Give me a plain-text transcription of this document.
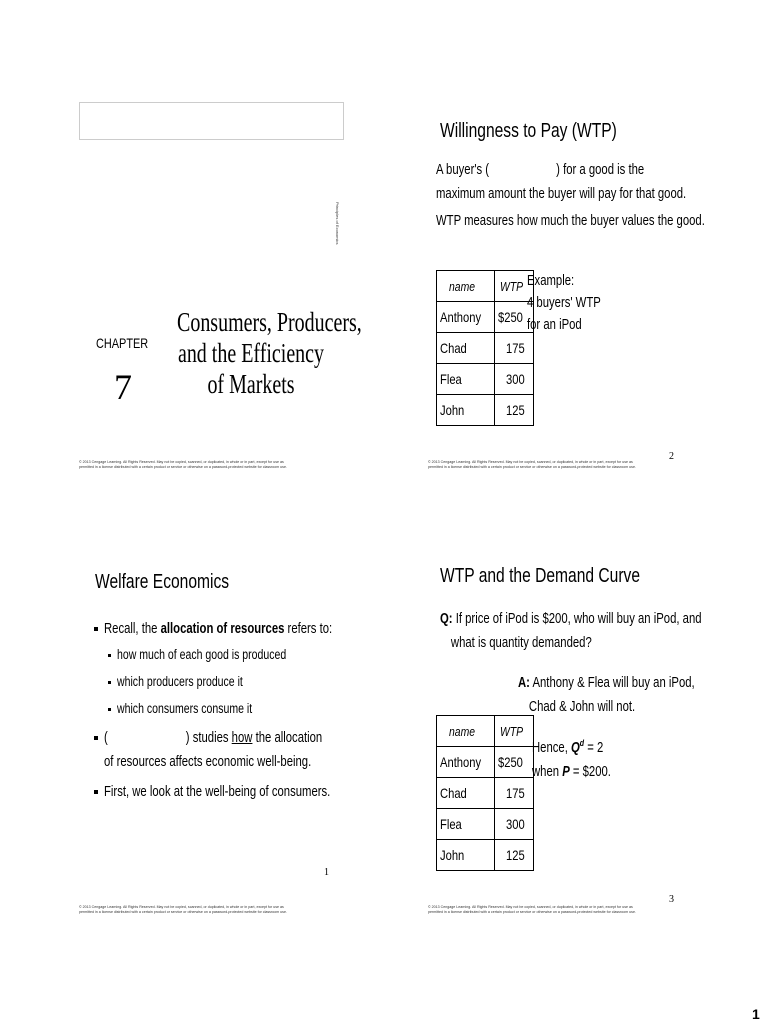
Principles of Economics
CHAPTER
7
Consumers, Producers,
and the Efficiency
of Markets
© 2013 Cengage Learning. All Rights Reserved. May not be copied, scanned, or duplicated, in whole or in part, except for use as
permitted in a license distributed with a certain product or service or otherwise on a password-protected website for classroom use.
Willingness to Pay (WTP)
A buyer's (	) for a good is the
maximum amount the buyer will pay for that good.
WTP measures how much the buyer values the good.
name	WTP
Anthony	$250
Chad	175
Flea	300
John	125
Example:
4 buyers' WTP
for an iPod
2
© 2013 Cengage Learning. All Rights Reserved. May not be copied, scanned, or duplicated, in whole or in part, except for use as
permitted in a license distributed with a certain product or service or otherwise on a password-protected website for classroom use.
Welfare Economics
Recall, the allocation of resources refers to:
how much of each good is produced
which producers produce it
which consumers consume it
(	) studies how the allocation
of resources affects economic well-being.
First, we look at the well-being of consumers.
1
© 2013 Cengage Learning. All Rights Reserved. May not be copied, scanned, or duplicated, in whole or in part, except for use as
permitted in a license distributed with a certain product or service or otherwise on a password-protected website for classroom use.
WTP and the Demand Curve
Q: If price of iPod is $200, who will buy an iPod, and
what is quantity demanded?
A: Anthony & Flea will buy an iPod,
Chad & John will not.
name	WTP
Anthony	$250
Chad	175
Flea	300
John	125
Hence, $Q^d = 2$
when P = $200.
3
© 2013 Cengage Learning. All Rights Reserved. May not be copied, scanned, or duplicated, in whole or in part, except for use as
permitted in a license distributed with a certain product or service or otherwise on a password-protected website for classroom use.
1
